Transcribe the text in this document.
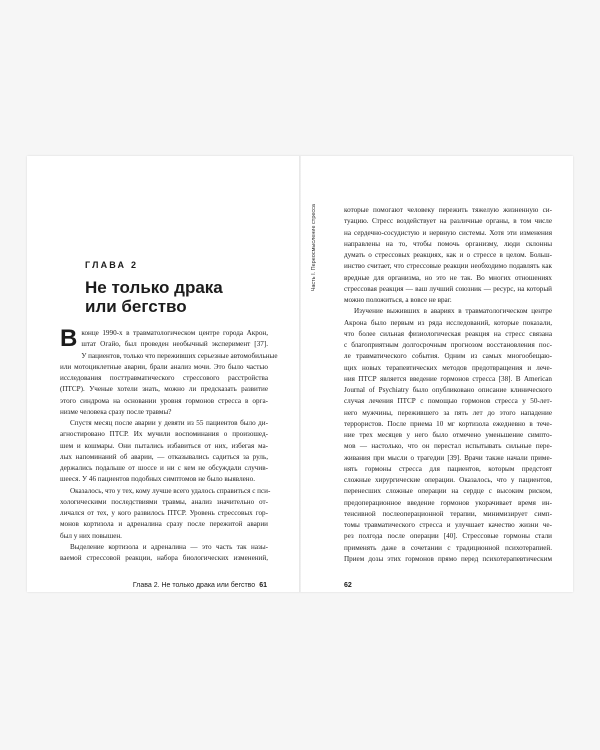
ГЛАВА 2
Не только драка
или бегство
В конце 1990-х в травматологическом центре города Акрон,
штат Огайо, был проведен необычный эксперимент [37].
У пациентов, только что переживших серьезные автомобильные
или мотоциклетные аварии, брали анализ мочи. Это было частью
исследования посттравматического стрессового расстройства
(ПТСР). Ученые хотели знать, можно ли предсказать развитие
этого синдрома на основании уровня гормонов стресса в орга-
низме человека сразу после травмы?
Спустя месяц после аварии у девяти из 55 пациентов было ди-
агностировано ПТСР. Их мучили воспоминания о произошед-
шем и кошмары. Они пытались избавиться от них, избегая ма-
лых напоминаний об аварии, — отказывались садиться за руль,
держались подальше от шоссе и ни с кем не обсуждали случив-
шееся. У 46 пациентов подобных симптомов не было выявлено.
Оказалось, что у тех, кому лучше всего удалось справиться с пси-
хологическими последствиями травмы, анализ значительно от-
личался от тех, у кого развилось ПТСР. Уровень стрессовых гор-
монов кортизола и адреналина сразу после пережитой аварии
был у них повышен.
Выделение кортизола и адреналина — это часть так назы-
ваемой стрессовой реакции, набора биологических изменений,
Глава 2. Не только драка или бегство 61
Часть I. Переосмысление стресса	которые помогают человеку пережить тяжелую жизненную си-
туацию. Стресс воздействует на различные органы, в том числе
на сердечно-сосудистую и нервную системы. Хотя эти изменения
направлены на то, чтобы помочь организму, люди склонны
думать о стрессовых реакциях, как и о стрессе в целом. Больш-
инство считает, что стрессовые реакции необходимо подавлять как
вредные для организма, но это не так. Во многих отношениях
стрессовая реакция — ваш лучший союзник — ресурс, на который
можно положиться, а вовсе не враг.
Изучение выживших в авариях в травматологическом центре
Акрона было первым из ряда исследований, которые показали,
что более сильная физиологическая реакция на стресс связана
с благоприятным долгосрочным прогнозом восстановления пос-
ле травматического события. Одним из самых многообещаю-
щих новых терапевтических методов предотвращения и лече-
ния ПТСР является введение гормонов стресса [38]. В American
Journal of Psychiatry было опубликовано описание клинического
случая лечения ПТСР с помощью гормонов стресса у 50-лет-
него мужчины, пережившего за пять лет до этого нападение
террористов. После приема 10 мг кортизола ежедневно в тече-
ние трех месяцев у него было отмечено уменьшение симпто-
мов — настолько, что он перестал испытывать сильные пере-
живания при мысли о трагедии [39]. Врачи также начали приме-
нять гормоны стресса для пациентов, которым предстоят
сложные хирургические операции. Оказалось, что у пациентов,
перенесших сложные операции на сердце с высоким риском,
предоперационное введение гормонов укорачивает время ин-
тенсивной послеоперационной терапии, минимизирует симп-
томы травматического стресса и улучшает качество жизни че-
рез полгода после операции [40]. Стрессовые гормоны стали
применять даже в сочетании с традиционной психотерапией.
Прием дозы этих гормонов прямо перед психотерапевтическим
62
